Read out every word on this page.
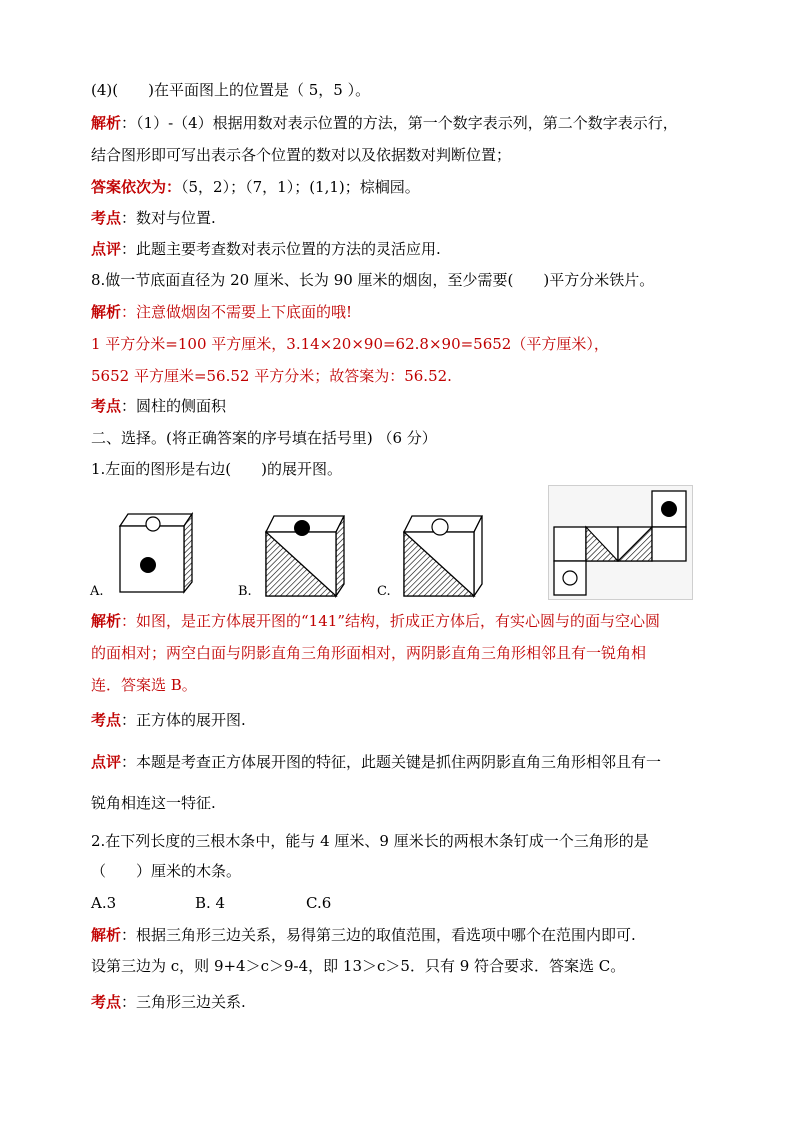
(4)(　　)在平面图上的位置是（ 5，5 ）。
解析：（1）-（4）根据用数对表示位置的方法，第一个数字表示列，第二个数字表示行，
结合图形即可写出表示各个位置的数对以及依据数对判断位置；
答案依次为：（5，2）；（7，1）；(1,1)；棕榈园。
考点：数对与位置.
点评：此题主要考查数对表示位置的方法的灵活应用.
8.做一节底面直径为 20 厘米、长为 90 厘米的烟囱，至少需要(　　)平方分米铁片。
解析：注意做烟囱不需要上下底面的哦!
1 平方分米=100 平方厘米，3.14×20×90=62.8×90=5652（平方厘米），
5652 平方厘米=56.52 平方分米；故答案为：56.52.
考点：圆柱的侧面积
二、选择。(将正确答案的序号填在括号里) （6 分）
1.左面的图形是右边(　　)的展开图。
A.	B.	C.
解析：如图，是正方体展开图的“141”结构，折成正方体后，有实心圆与的面与空心圆
的面相对；两空白面与阴影直角三角形面相对，两阴影直角三角形相邻且有一锐角相
连．答案选 B。
考点：正方体的展开图.
点评：本题是考查正方体展开图的特征，此题关键是抓住两阴影直角三角形相邻且有一
锐角相连这一特征.
2.在下列长度的三根木条中，能与 4 厘米、9 厘米长的两根木条钉成一个三角形的是
（　　）厘米的木条。
A.3	B. 4	C.6
解析：根据三角形三边关系，易得第三边的取值范围，看选项中哪个在范围内即可.
设第三边为 c，则 9+4＞c＞9-4，即 13＞c＞5．只有 9 符合要求．答案选 C。
考点：三角形三边关系.
